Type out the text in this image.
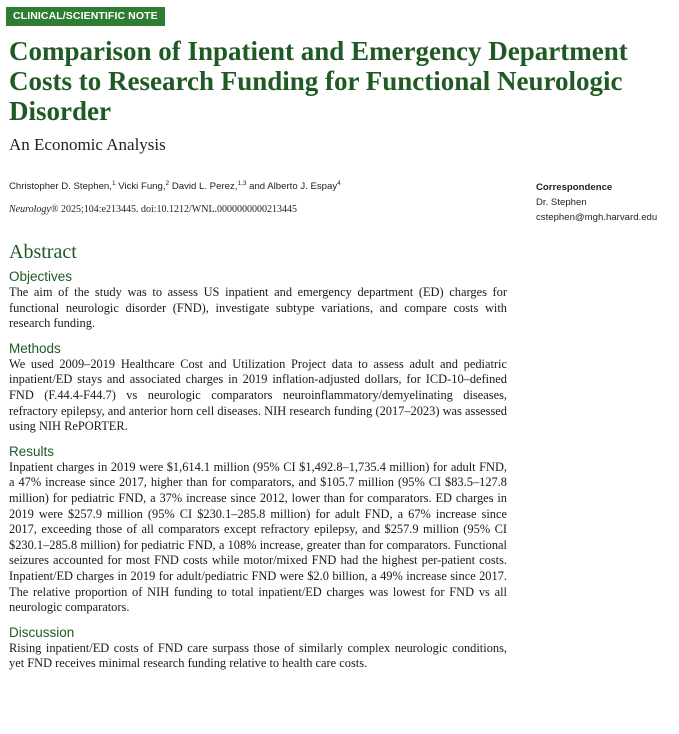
CLINICAL/SCIENTIFIC NOTE
Comparison of Inpatient and Emergency Department Costs to Research Funding for Functional Neurologic Disorder
An Economic Analysis
Christopher D. Stephen,$^1$ Vicki Fung,$^2$ David L. Perez,$^{1,3}$ and Alberto J. Espay$^4$
Neurology® 2025;104:e213445. doi:10.1212/WNL.0000000000213445
Correspondence
Dr. Stephen
cstephen@mgh.harvard.edu
Abstract
Objectives

The aim of the study was to assess US inpatient and emergency department (ED) charges for functional neurologic disorder (FND), investigate subtype variations, and compare costs with research funding.

Methods

We used 2009–2019 Healthcare Cost and Utilization Project data to assess adult and pediatric inpatient/ED stays and associated charges in 2019 inflation-adjusted dollars, for ICD-10–defined FND (F.44.4-F44.7) vs neurologic comparators neuroinflammatory/demyelinating diseases, refractory epilepsy, and anterior horn cell diseases. NIH research funding (2017–2023) was assessed using NIH RePORTER.

Results

Inpatient charges in 2019 were $1,614.1 million (95% CI $1,492.8–1,735.4 million) for adult FND, a 47% increase since 2017, higher than for comparators, and $105.7 million (95% CI $83.5–127.8 million) for pediatric FND, a 37% increase since 2012, lower than for comparators. ED charges in 2019 were $257.9 million (95% CI $230.1–285.8 million) for adult FND, a 67% increase since 2017, exceeding those of all comparators except refractory epilepsy, and $257.9 million (95% CI $230.1–285.8 million) for pediatric FND, a 108% increase, greater than for comparators. Functional seizures accounted for most FND costs while motor/mixed FND had the highest per-patient costs. Inpatient/ED charges in 2019 for adult/pediatric FND were $2.0 billion, a 49% increase since 2017. The relative proportion of NIH funding to total inpatient/ED charges was lowest for FND vs all neurologic comparators.

Discussion

Rising inpatient/ED costs of FND care surpass those of similarly complex neurologic conditions, yet FND receives minimal research funding relative to health care costs.
